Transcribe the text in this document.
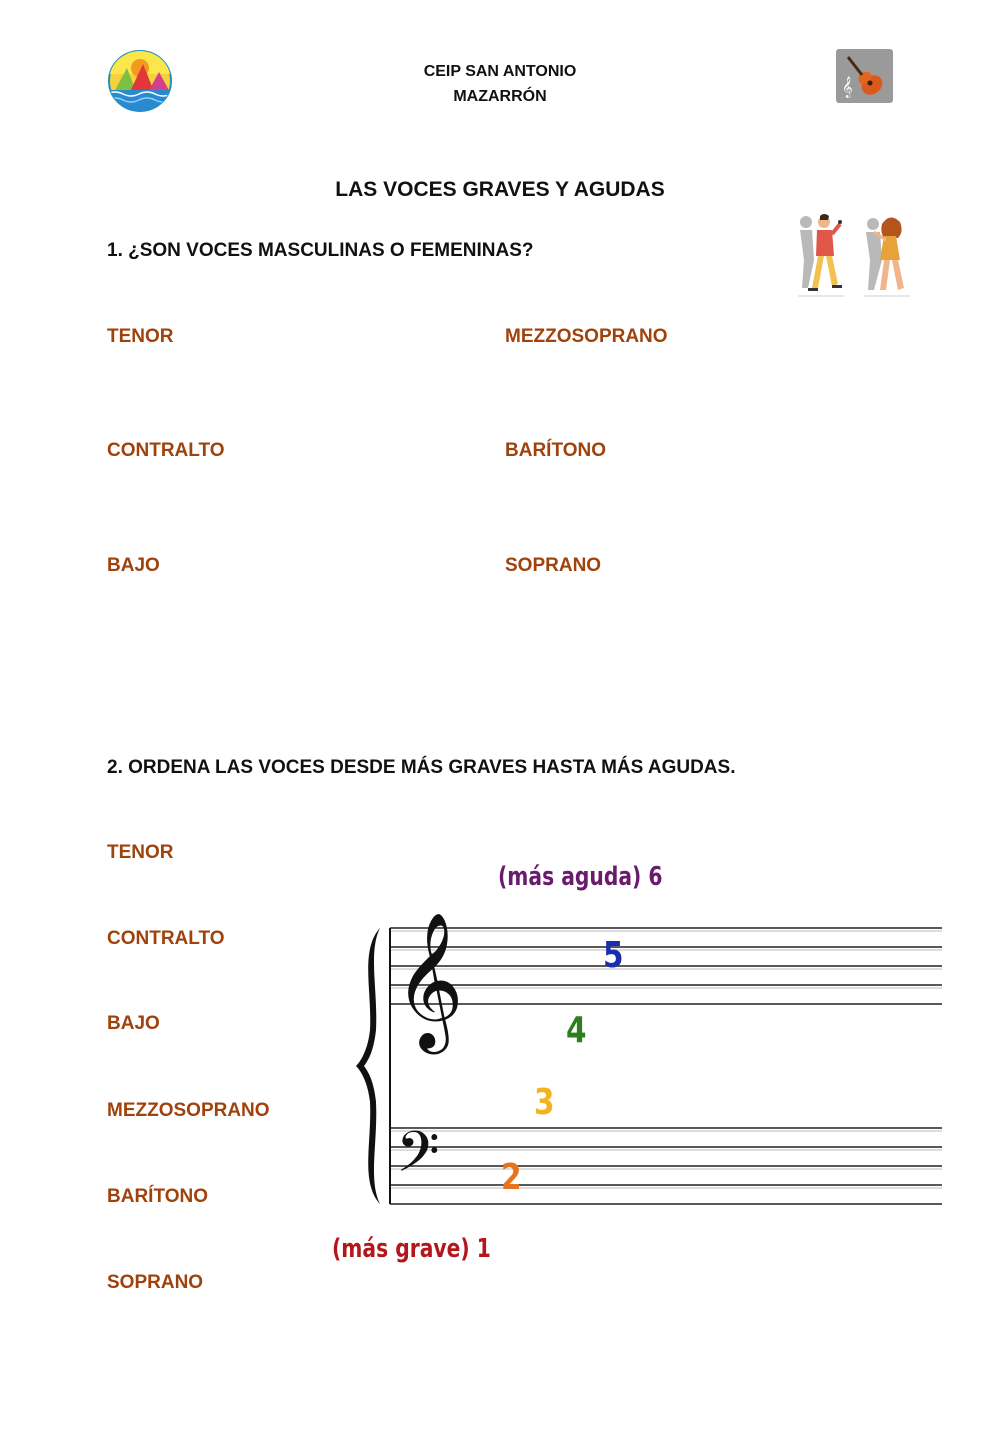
CEIP SAN ANTONIO
MAZARRÓN	𝄞
LAS VOCES GRAVES Y AGUDAS
1. ¿SON VOCES MASCULINAS O FEMENINAS?
TENOR
CONTRALTO
BAJO
MEZZOSOPRANO
BARÍTONO
SOPRANO
2. ORDENA LAS VOCES DESDE MÁS GRAVES HASTA MÁS AGUDAS.
TENOR
CONTRALTO
BAJO
MEZZOSOPRANO
BARÍTONO
SOPRANO
𝄞
𝄢
(más aguda) 6
5
4
3
2
(más grave) 1
